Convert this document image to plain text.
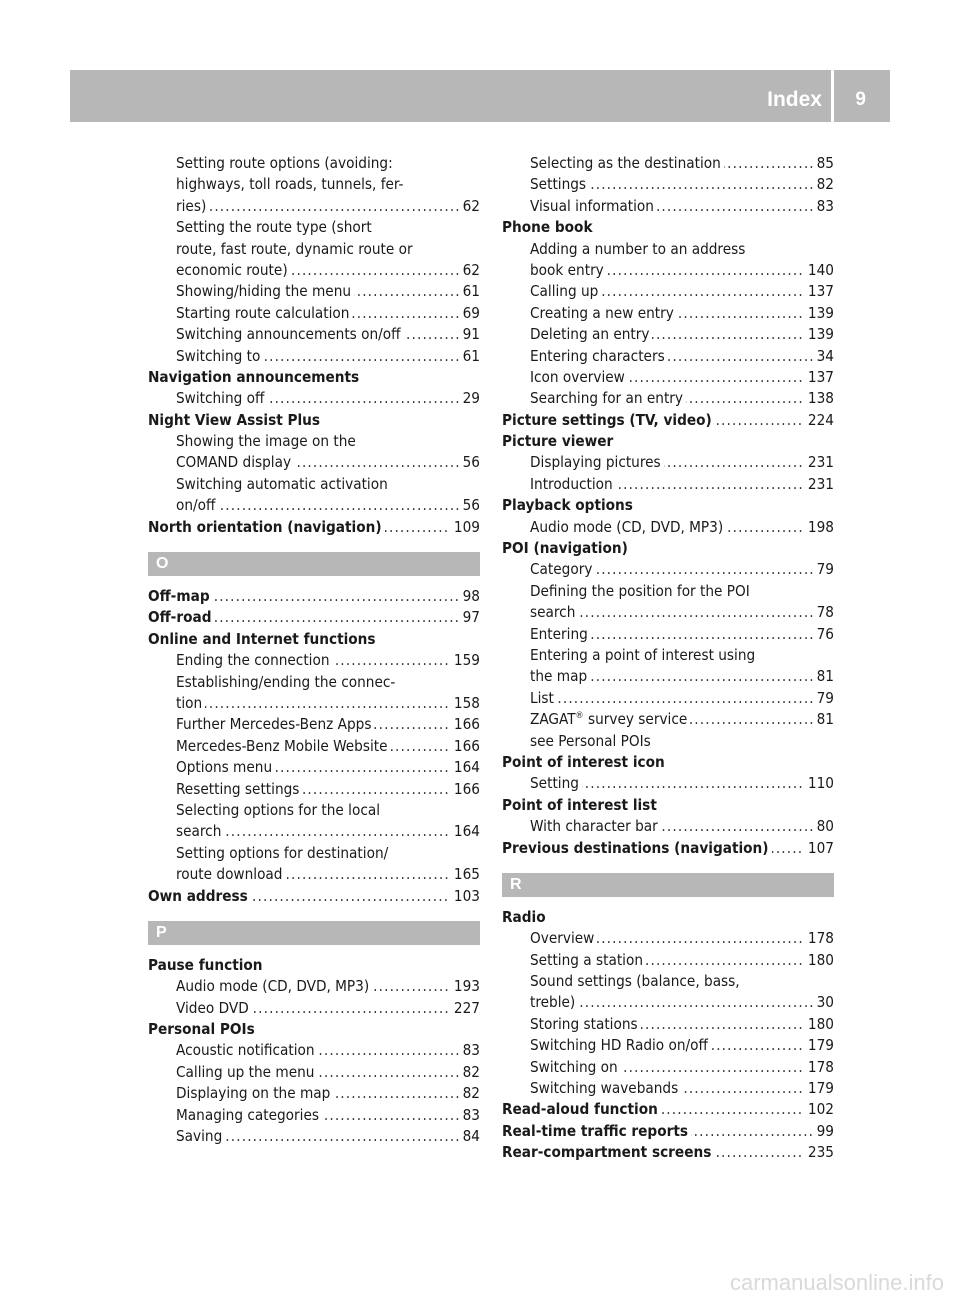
Index 9
Setting route options (avoiding:
highways, toll roads, tunnels, fer-
. . . ries)	62
Setting the route type (short
route, fast route, dynamic route or
. . . economic route)	62
. . . Showing/hiding the menu	61
. . . Starting route calculation	69
. . . Switching announcements on/off	91
. . . Switching to	61
Navigation announcements
. . . Switching off	29
Night View Assist Plus
Showing the image on the
. . . COMAND display	56
Switching automatic activation
. . . on/off	56
. . . North orientation (navigation)	109
O
. . . Off-map	98
. . . Off-road	97
Online and Internet functions
. . . Ending the connection	159
Establishing/ending the connec-
. . . tion	158
. . . Further Mercedes-Benz Apps	166
. . . Mercedes-Benz Mobile Website	166
. . . Options menu	164
. . . Resetting settings	166
Selecting options for the local
. . . search	164
Setting options for destination/
. . . route download	165
. . . Own address	103
P
Pause function
. . . Audio mode (CD, DVD, MP3)	193
. . . Video DVD	227
Personal POIs
. . . Acoustic notification	83
. . . Calling up the menu	82
. . . Displaying on the map	82
. . . Managing categories	83
. . . Saving	84
. . . Selecting as the destination	85
. . . Settings	82
. . . Visual information	83
Phone book
Adding a number to an address
. . . book entry	140
. . . Calling up	137
. . . Creating a new entry	139
. . . Deleting an entry	139
. . . Entering characters	34
. . . Icon overview	137
. . . Searching for an entry	138
. . . Picture settings (TV, video)	224
Picture viewer
. . . Displaying pictures	231
. . . Introduction	231
Playback options
. . . Audio mode (CD, DVD, MP3)	198
POI (navigation)
. . . Category	79
Defining the position for the POI
. . . search	78
. . . Entering	76
Entering a point of interest using
. . . the map	81
. . . List	79
. . . ZAGAT® survey service	81
see Personal POIs
Point of interest icon
. . . Setting	110
Point of interest list
. . . With character bar	80
. . . Previous destinations (navigation)	107
R
Radio
. . . Overview	178
. . . Setting a station	180
Sound settings (balance, bass,
. . . treble)	30
. . . Storing stations	180
. . . Switching HD Radio on/off	179
. . . Switching on	178
. . . Switching wavebands	179
. . . Read-aloud function	102
. . . Real-time traffic reports	99
. . . Rear-compartment screens	235
carmanualsonline.info
